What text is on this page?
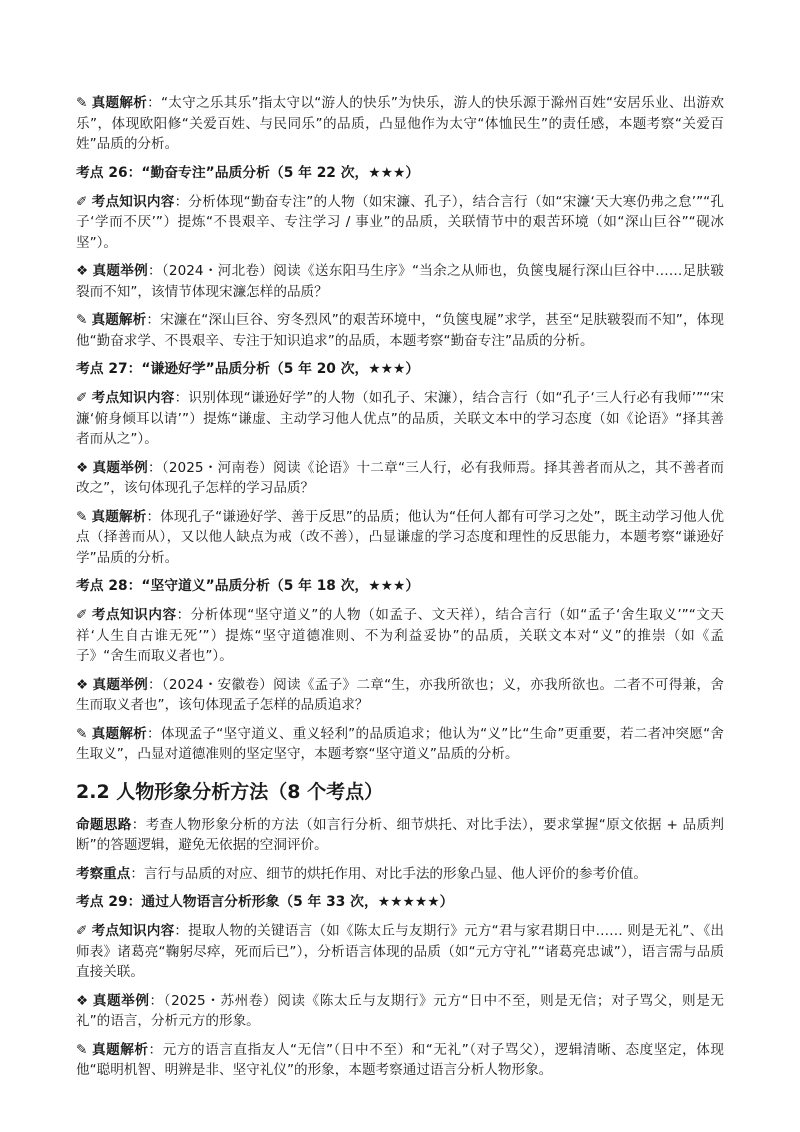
✎ 真题解析：“太守之乐其乐”指太守以“游人的快乐”为快乐，游人的快乐源于滁州百姓“安居乐业、出游欢乐”，体现欧阳修“关爱百姓、与民同乐”的品质，凸显他作为太守“体恤民生”的责任感，本题考察“关爱百姓”品质的分析。

考点 26：“勤奋专注”品质分析（5 年 22 次，★★★）

✐ 考点知识内容：分析体现“勤奋专注”的人物（如宋濂、孔子），结合言行（如“宋濂‘天大寒仍弗之怠’”“孔子‘学而不厌’”）提炼“不畏艰辛、专注学习 / 事业”的品质，关联情节中的艰苦环境（如“深山巨谷”“砚冰坚”）。

❖ 真题举例：（2024・河北卷）阅读《送东阳马生序》“当余之从师也，负箧曳屣行深山巨谷中……足肤皲裂而不知”，该情节体现宋濂怎样的品质？

✎ 真题解析：宋濂在“深山巨谷、穷冬烈风”的艰苦环境中，“负箧曳屣”求学，甚至“足肤皲裂而不知”，体现他“勤奋求学、不畏艰辛、专注于知识追求”的品质，本题考察“勤奋专注”品质的分析。

考点 27：“谦逊好学”品质分析（5 年 20 次，★★★）

✐ 考点知识内容：识别体现“谦逊好学”的人物（如孔子、宋濂），结合言行（如“孔子‘三人行必有我师’”“宋濂‘俯身倾耳以请’”）提炼“谦虚、主动学习他人优点”的品质，关联文本中的学习态度（如《论语》“择其善者而从之”）。

❖ 真题举例：（2025・河南卷）阅读《论语》十二章“三人行，必有我师焉。择其善者而从之，其不善者而改之”，该句体现孔子怎样的学习品质？

✎ 真题解析：体现孔子“谦逊好学、善于反思”的品质；他认为“任何人都有可学习之处”，既主动学习他人优点（择善而从），又以他人缺点为戒（改不善），凸显谦虚的学习态度和理性的反思能力，本题考察“谦逊好学”品质的分析。

考点 28：“坚守道义”品质分析（5 年 18 次，★★★）

✐ 考点知识内容：分析体现“坚守道义”的人物（如孟子、文天祥），结合言行（如“孟子‘舍生取义’”“文天祥‘人生自古谁无死’”）提炼“坚守道德准则、不为利益妥协”的品质，关联文本对“义”的推崇（如《孟子》“舍生而取义者也”）。

❖ 真题举例：（2024・安徽卷）阅读《孟子》二章“生，亦我所欲也；义，亦我所欲也。二者不可得兼，舍生而取义者也”，该句体现孟子怎样的品质追求？

✎ 真题解析：体现孟子“坚守道义、重义轻利”的品质追求；他认为“义”比“生命”更重要，若二者冲突愿“舍生取义”，凸显对道德准则的坚定坚守，本题考察“坚守道义”品质的分析。

2.2 人物形象分析方法（8 个考点）

命题思路：考查人物形象分析的方法（如言行分析、细节烘托、对比手法），要求掌握“原文依据 + 品质判断”的答题逻辑，避免无依据的空洞评价。

考察重点：言行与品质的对应、细节的烘托作用、对比手法的形象凸显、他人评价的参考价值。

考点 29：通过人物语言分析形象（5 年 33 次，★★★★★）

✐ 考点知识内容：提取人物的关键语言（如《陈太丘与友期行》元方“君与家君期日中…… 则是无礼”、《出师表》诸葛亮“鞠躬尽瘁，死而后已”），分析语言体现的品质（如“元方守礼”“诸葛亮忠诚”），语言需与品质直接关联。

❖ 真题举例：（2025・苏州卷）阅读《陈太丘与友期行》元方“日中不至，则是无信；对子骂父，则是无礼”的语言，分析元方的形象。

✎ 真题解析：元方的语言直指友人“无信”（日中不至）和“无礼”（对子骂父），逻辑清晰、态度坚定，体现他“聪明机智、明辨是非、坚守礼仪”的形象，本题考察通过语言分析人物形象。
